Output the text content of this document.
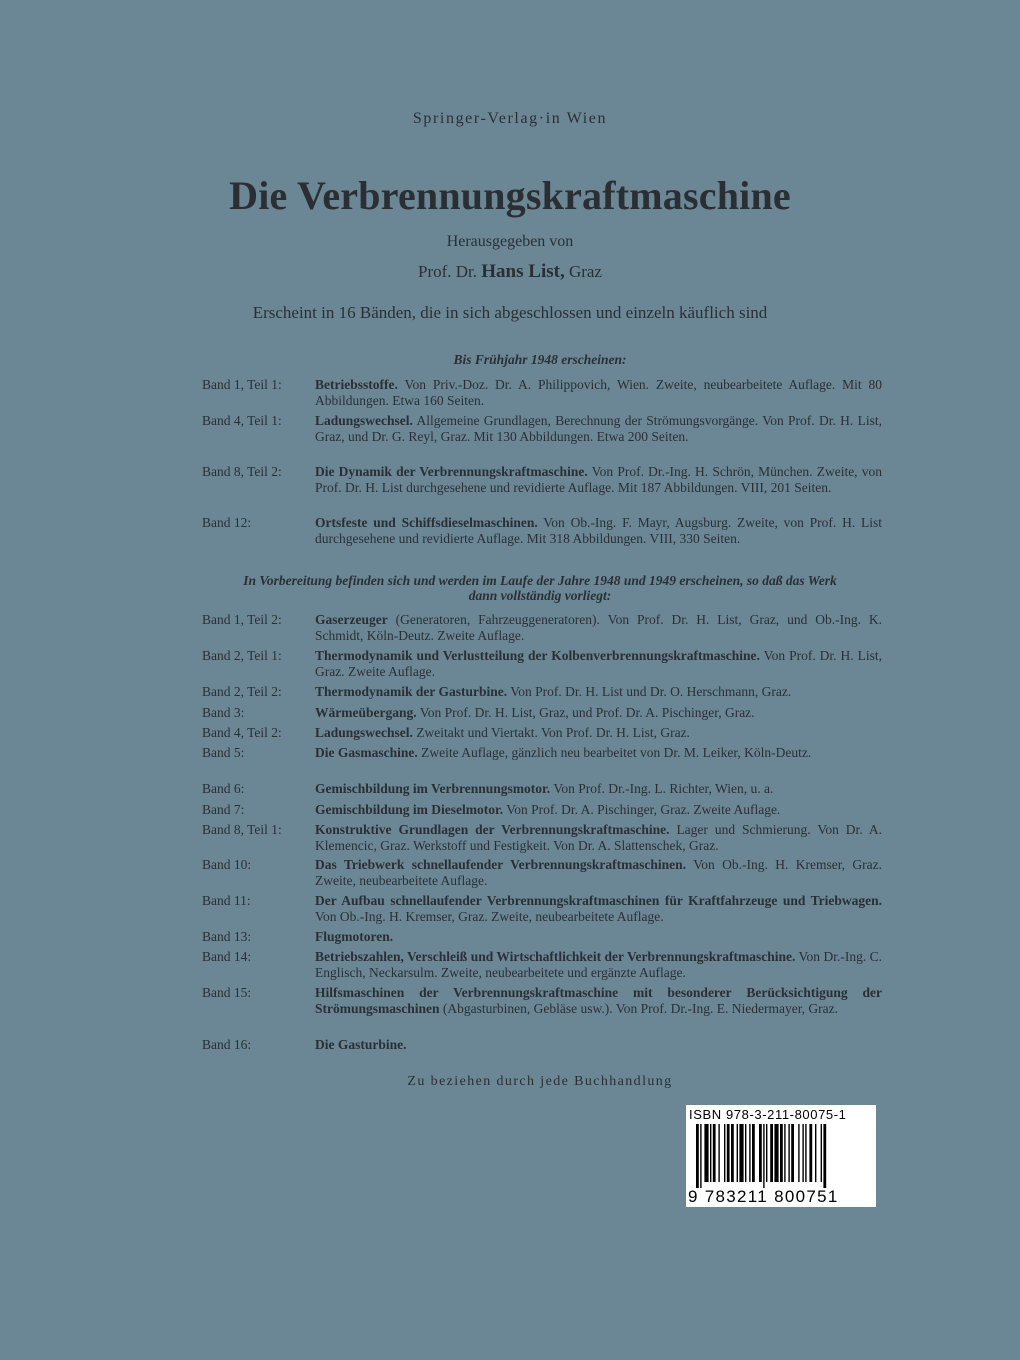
Springer-Verlag·in Wien
Die Verbrennungskraftmaschine
Herausgegeben von
Prof. Dr. Hans List, Graz
Erscheint in 16 Bänden, die in sich abgeschlossen und einzeln käuflich sind
Bis Frühjahr 1948 erscheinen:
Band 1, Teil 1:	Betriebsstoffe. Von Priv.-Doz. Dr. A. Philippovich, Wien. Zweite, neubearbeitete Auflage. Mit 80 Abbildungen. Etwa 160 Seiten.
Band 4, Teil 1:	Ladungswechsel. Allgemeine Grundlagen, Berechnung der Strömungsvorgänge. Von Prof. Dr. H. List, Graz, und Dr. G. Reyl, Graz. Mit 130 Abbildungen. Etwa 200 Seiten.
Band 8, Teil 2:	Die Dynamik der Verbrennungskraftmaschine. Von Prof. Dr.-Ing. H. Schrön, München. Zweite, von Prof. Dr. H. List durchgesehene und revidierte Auflage. Mit 187 Abbildungen. VIII, 201 Seiten.
Band 12:	Ortsfeste und Schiffsdieselmaschinen. Von Ob.-Ing. F. Mayr, Augsburg. Zweite, von Prof. H. List durchgesehene und revidierte Auflage. Mit 318 Abbildungen. VIII, 330 Seiten.
In Vorbereitung befinden sich und werden im Laufe der Jahre 1948 und 1949 erscheinen, so daß das Werk
dann vollständig vorliegt:
Band 1, Teil 2:	Gaserzeuger (Generatoren, Fahrzeuggeneratoren). Von Prof. Dr. H. List, Graz, und Ob.-Ing. K. Schmidt, Köln-Deutz. Zweite Auflage.
Band 2, Teil 1:	Thermodynamik und Verlustteilung der Kolbenverbrennungskraftmaschine. Von Prof. Dr. H. List, Graz. Zweite Auflage.
Band 2, Teil 2:	Thermodynamik der Gasturbine. Von Prof. Dr. H. List und Dr. O. Herschmann, Graz.
Band 3:	Wärmeübergang. Von Prof. Dr. H. List, Graz, und Prof. Dr. A. Pischinger, Graz.
Band 4, Teil 2:	Ladungswechsel. Zweitakt und Viertakt. Von Prof. Dr. H. List, Graz.
Band 5:	Die Gasmaschine. Zweite Auflage, gänzlich neu bearbeitet von Dr. M. Leiker, Köln-Deutz.
Band 6:	Gemischbildung im Verbrennungsmotor. Von Prof. Dr.-Ing. L. Richter, Wien, u. a.
Band 7:	Gemischbildung im Dieselmotor. Von Prof. Dr. A. Pischinger, Graz. Zweite Auflage.
Band 8, Teil 1:	Konstruktive Grundlagen der Verbrennungskraftmaschine. Lager und Schmierung. Von Dr. A. Klemencic, Graz. Werkstoff und Festigkeit. Von Dr. A. Slattenschek, Graz.
Band 10:	Das Triebwerk schnellaufender Verbrennungskraftmaschinen. Von Ob.-Ing. H. Kremser, Graz. Zweite, neubearbeitete Auflage.
Band 11:	Der Aufbau schnellaufender Verbrennungskraftmaschinen für Kraftfahrzeuge und Triebwagen. Von Ob.-Ing. H. Kremser, Graz. Zweite, neubearbeitete Auflage.
Band 13:	Flugmotoren.
Band 14:	Betriebszahlen, Verschleiß und Wirtschaftlichkeit der Verbrennungskraftmaschine. Von Dr.-Ing. C. Englisch, Neckarsulm. Zweite, neubearbeitete und ergänzte Auflage.
Band 15:	Hilfsmaschinen der Verbrennungskraftmaschine mit besonderer Berücksichtigung der Strömungsmaschinen (Abgasturbinen, Gebläse usw.). Von Prof. Dr.-Ing. E. Niedermayer, Graz.
Band 16:	Die Gasturbine.
Zu beziehen durch jede Buchhandlung
ISBN 978-3-211-80075-1
9 783211 800751
